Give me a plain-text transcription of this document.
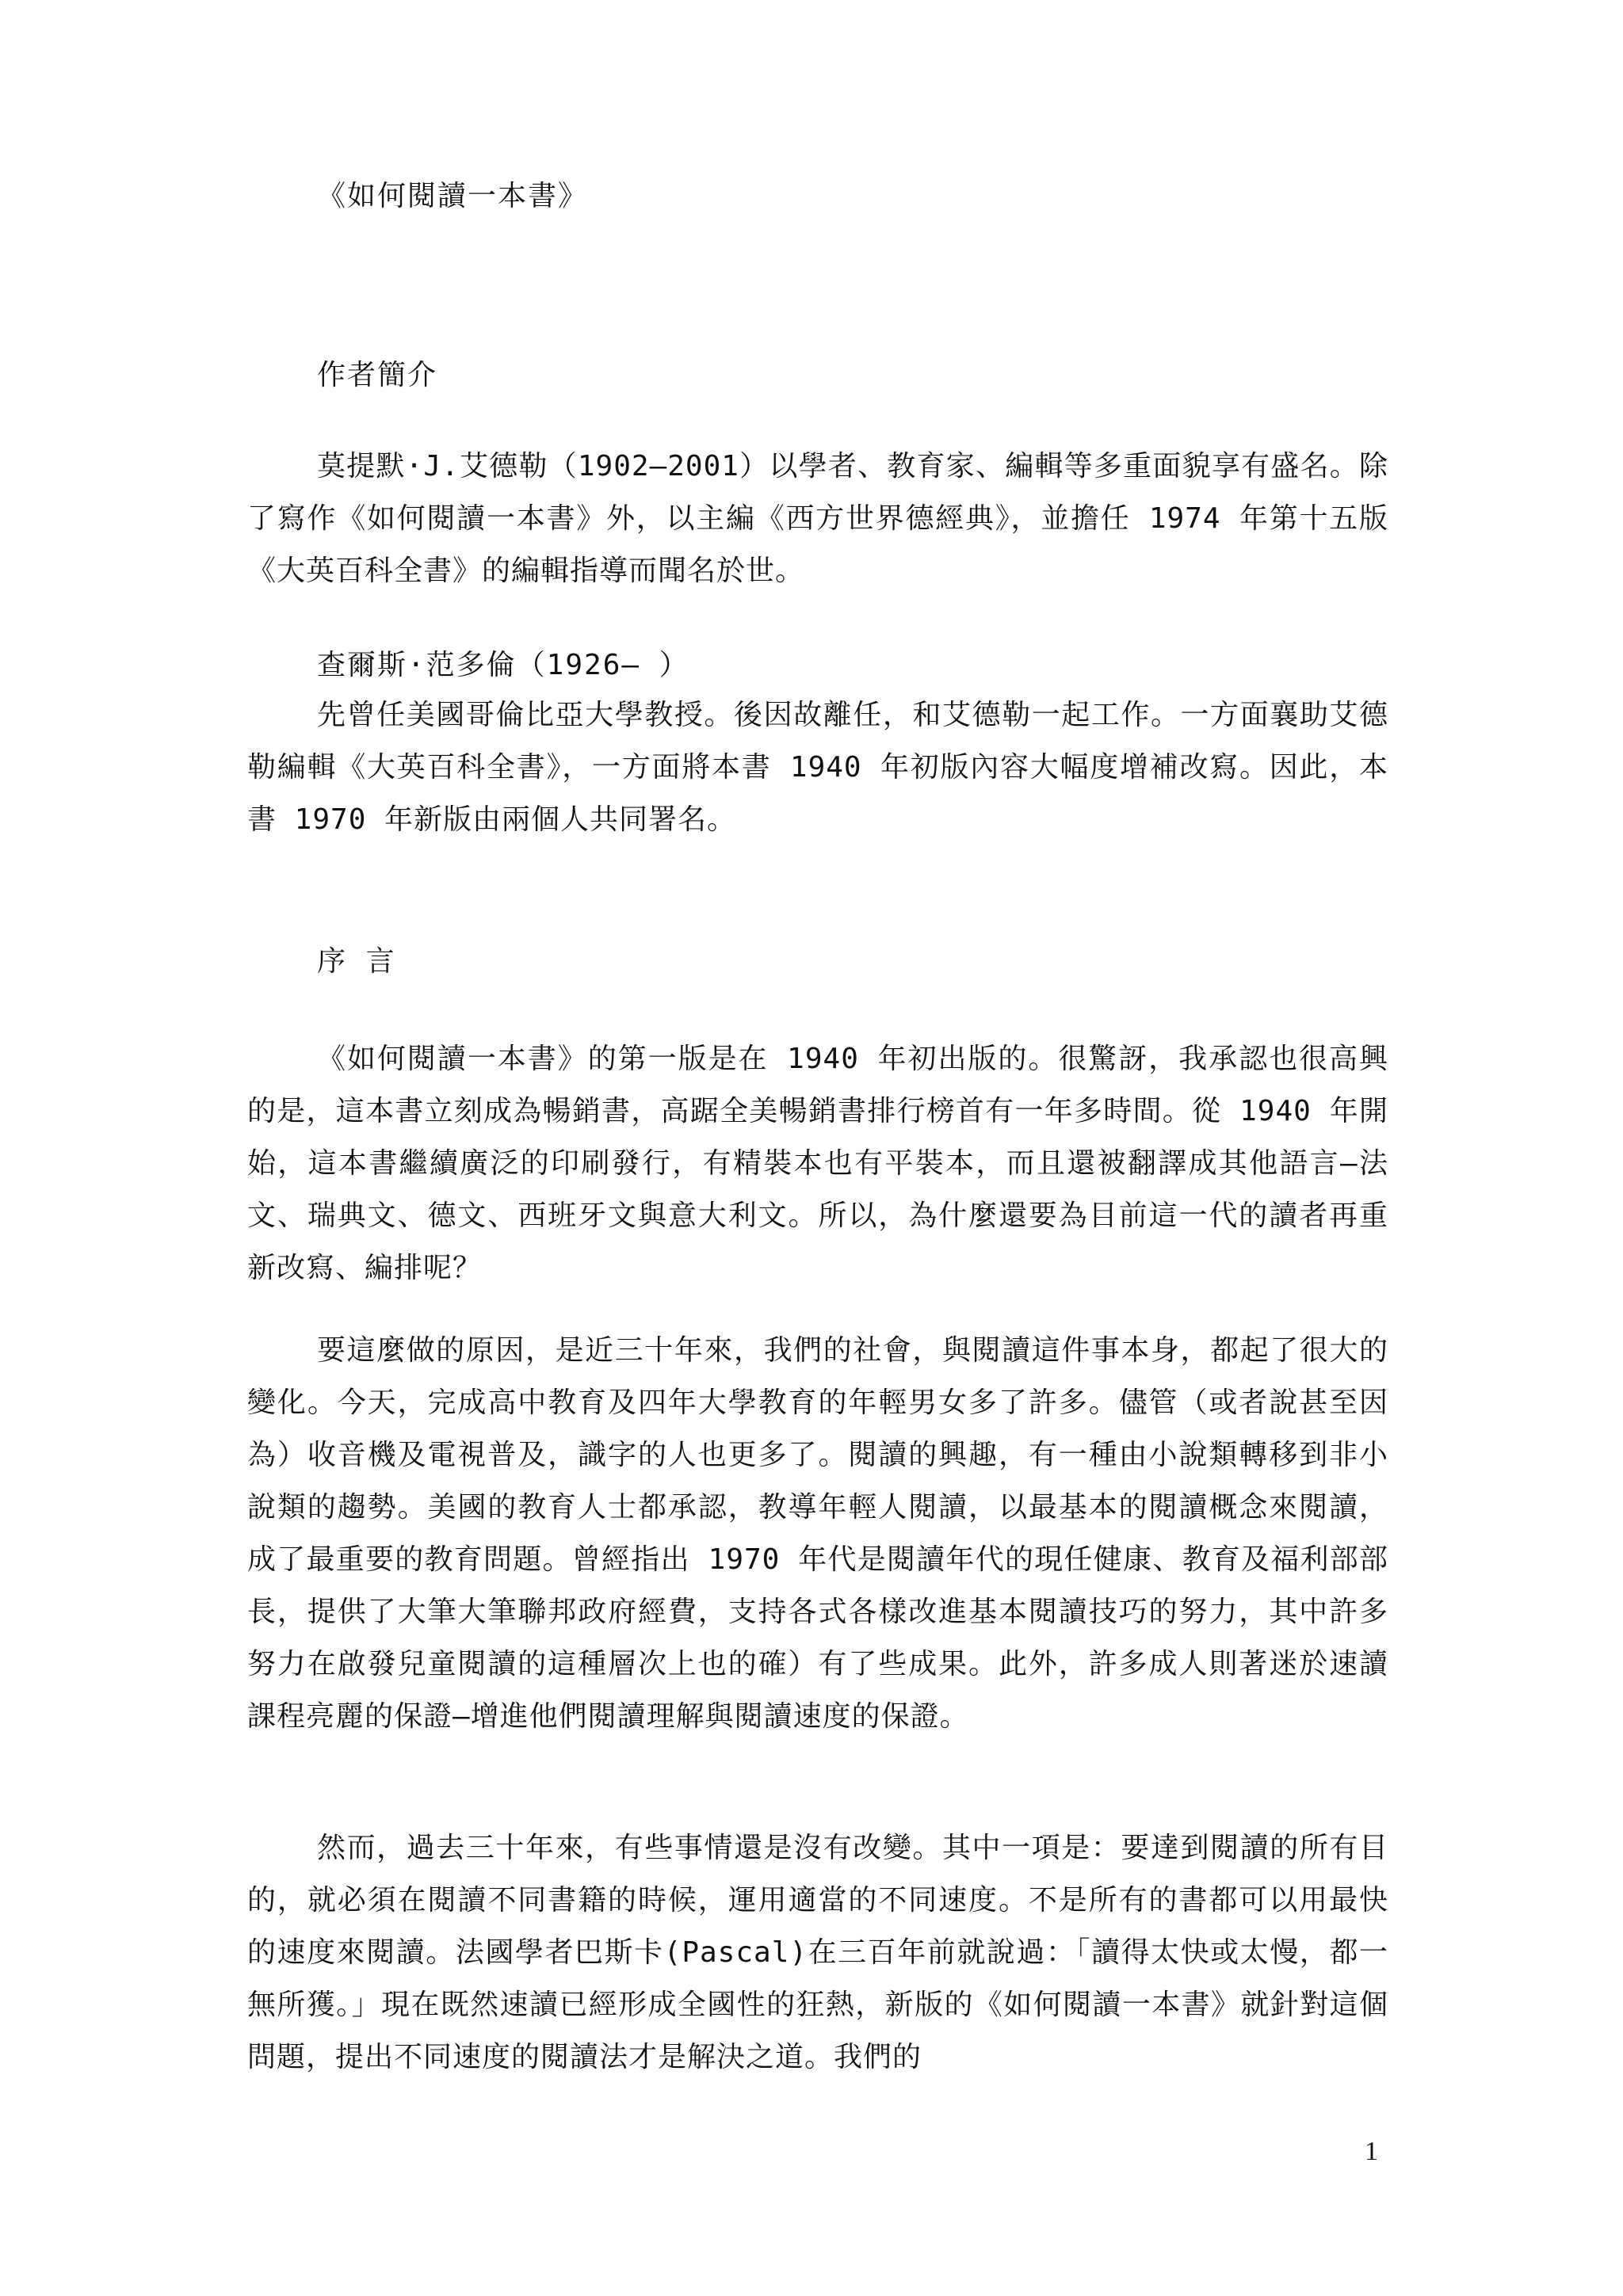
《如何閱讀一本書》
作者簡介

莫提默·J.艾德勒（1902—2001）以學者、教育家、編輯等多重面貌享有盛名。除了寫作《如何閱讀一本書》外，以主編《西方世界德經典》，並擔任 1974 年第十五版《大英百科全書》的編輯指導而聞名於世。

查爾斯·范多倫（1926— ）

先曾任美國哥倫比亞大學教授。後因故離任，和艾德勒一起工作。一方面襄助艾德勒編輯《大英百科全書》，一方面將本書 1940 年初版內容大幅度增補改寫。因此，本書 1970 年新版由兩個人共同署名。

序 言

《如何閱讀一本書》的第一版是在 1940 年初出版的。很驚訝，我承認也很高興的是，這本書立刻成為暢銷書，高踞全美暢銷書排行榜首有一年多時間。從 1940 年開始，這本書繼續廣泛的印刷發行，有精裝本也有平裝本，而且還被翻譯成其他語言—法文、瑞典文、德文、西班牙文與意大利文。所以，為什麼還要為目前這一代的讀者再重新改寫、編排呢？

要這麼做的原因，是近三十年來，我們的社會，與閱讀這件事本身，都起了很大的變化。今天，完成高中教育及四年大學教育的年輕男女多了許多。儘管（或者說甚至因為）收音機及電視普及，識字的人也更多了。閱讀的興趣，有一種由小說類轉移到非小說類的趨勢。美國的教育人士都承認，教導年輕人閱讀，以最基本的閱讀概念來閱讀，成了最重要的教育問題。曾經指出 1970 年代是閱讀年代的現任健康、教育及福利部部長，提供了大筆大筆聯邦政府經費，支持各式各樣改進基本閱讀技巧的努力，其中許多努力在啟發兒童閱讀的這種層次上也的確）有了些成果。此外，許多成人則著迷於速讀課程亮麗的保證—增進他們閱讀理解與閱讀速度的保證。

然而，過去三十年來，有些事情還是沒有改變。其中一項是：要達到閱讀的所有目的，就必須在閱讀不同書籍的時候，運用適當的不同速度。不是所有的書都可以用最快的速度來閱讀。法國學者巴斯卡(Pascal)在三百年前就說過：「讀得太快或太慢，都一無所獲。」現在既然速讀已經形成全國性的狂熱，新版的《如何閱讀一本書》就針對這個問題，提出不同速度的閱讀法才是解決之道。我們的

1
